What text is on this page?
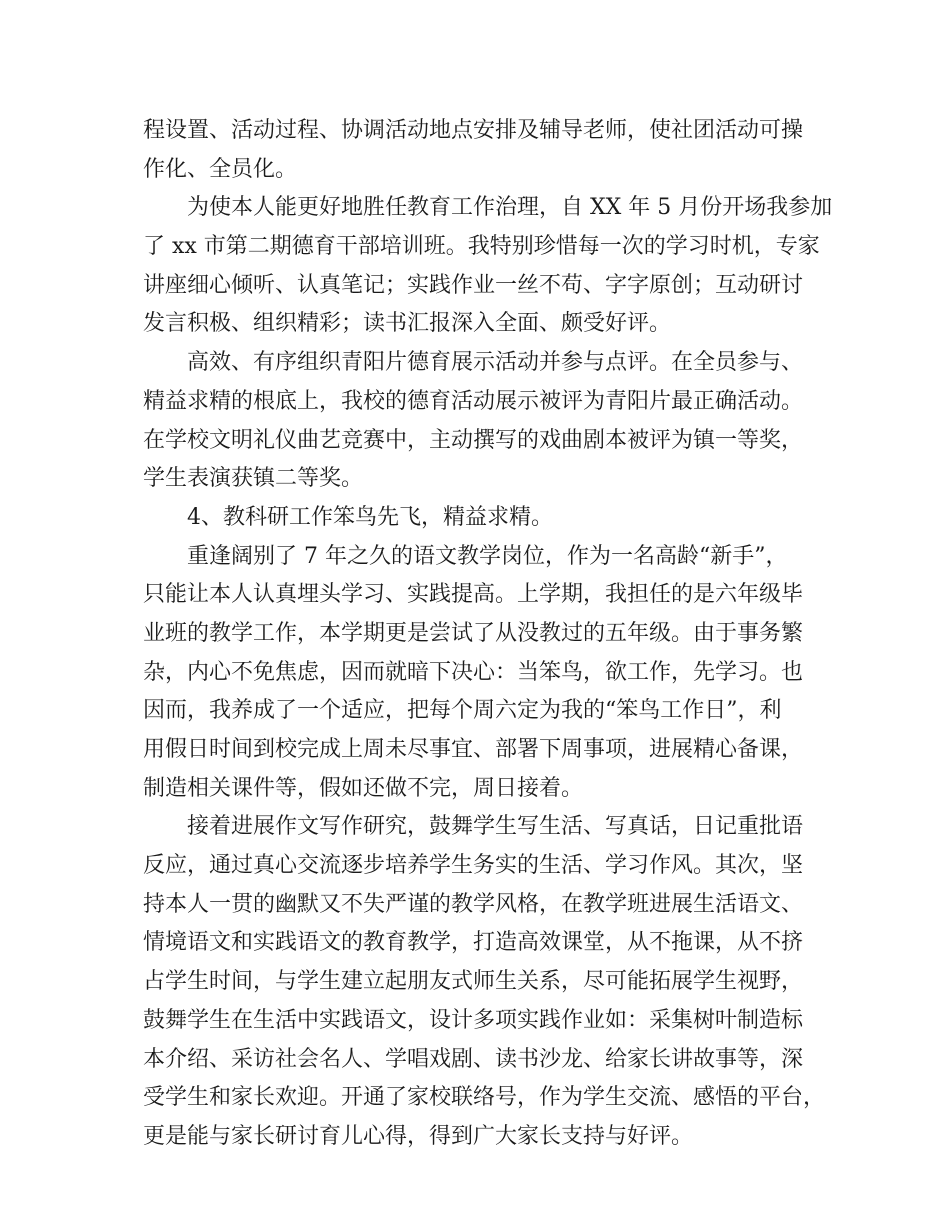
程设置、活动过程、协调活动地点安排及辅导老师，使社团活动可操
作化、全员化。
为使本人能更好地胜任教育工作治理，自 XX 年 5 月份开场我参加
了 xx 市第二期德育干部培训班。我特别珍惜每一次的学习时机，专家
讲座细心倾听、认真笔记；实践作业一丝不苟、字字原创；互动研讨
发言积极、组织精彩；读书汇报深入全面、颇受好评。
高效、有序组织青阳片德育展示活动并参与点评。在全员参与、
精益求精的根底上，我校的德育活动展示被评为青阳片最正确活动。
在学校文明礼仪曲艺竞赛中，主动撰写的戏曲剧本被评为镇一等奖，
学生表演获镇二等奖。
4、教科研工作笨鸟先飞，精益求精。
重逢阔别了 7 年之久的语文教学岗位，作为一名高龄“新手”，
只能让本人认真埋头学习、实践提高。上学期，我担任的是六年级毕
业班的教学工作，本学期更是尝试了从没教过的五年级。由于事务繁
杂，内心不免焦虑，因而就暗下决心：当笨鸟，欲工作，先学习。也
因而，我养成了一个适应，把每个周六定为我的“笨鸟工作日”，利
用假日时间到校完成上周未尽事宜、部署下周事项，进展精心备课，
制造相关课件等，假如还做不完，周日接着。
接着进展作文写作研究，鼓舞学生写生活、写真话，日记重批语
反应，通过真心交流逐步培养学生务实的生活、学习作风。其次，坚
持本人一贯的幽默又不失严谨的教学风格，在教学班进展生活语文、
情境语文和实践语文的教育教学，打造高效课堂，从不拖课，从不挤
占学生时间，与学生建立起朋友式师生关系，尽可能拓展学生视野，
鼓舞学生在生活中实践语文，设计多项实践作业如：采集树叶制造标
本介绍、采访社会名人、学唱戏剧、读书沙龙、给家长讲故事等，深
受学生和家长欢迎。开通了家校联络号，作为学生交流、感悟的平台，
更是能与家长研讨育儿心得，得到广大家长支持与好评。
